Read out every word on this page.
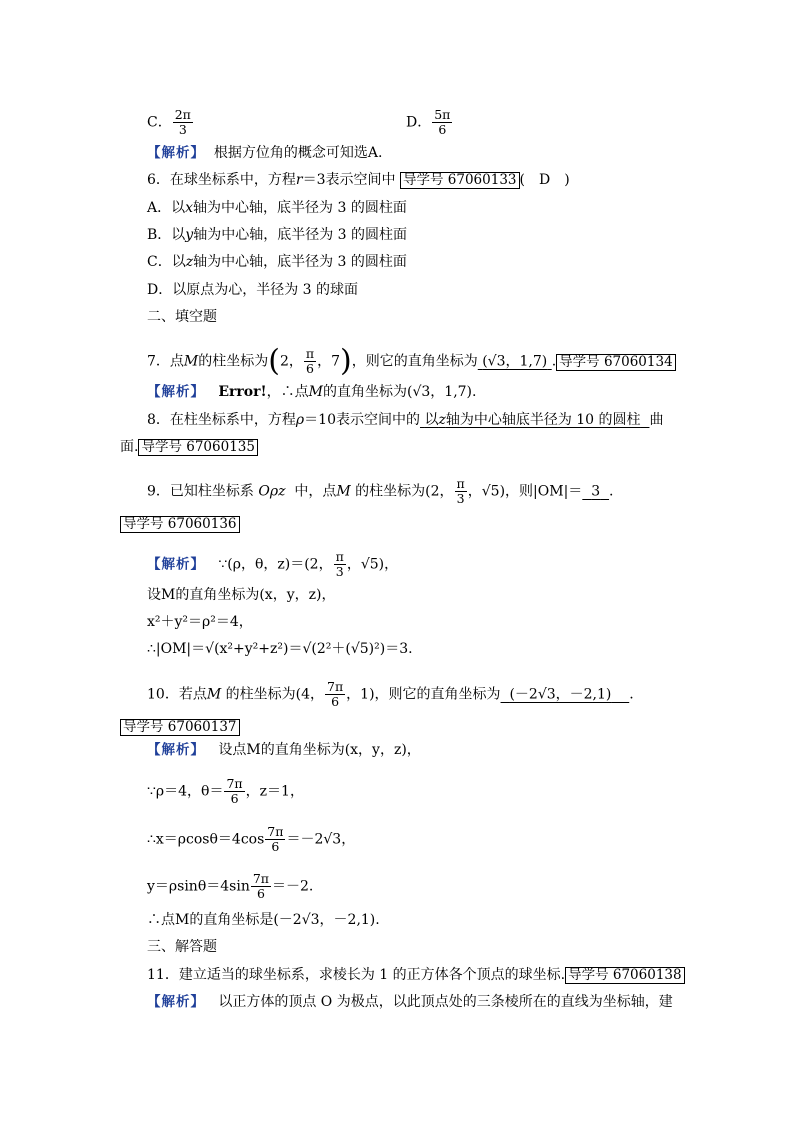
C． $\frac{2\pi}{3}$	D． $\frac{5\pi}{6}$
【解析】 根据方位角的概念可知选A.
6．在球坐标系中，方程r＝3表示空间中 导学号 67060133 (　D　)
A．以x轴为中心轴，底半径为 3 的圆柱面
B．以y轴为中心轴，底半径为 3 的圆柱面
C．以z轴为中心轴，底半径为 3 的圆柱面
D．以原点为心，半径为 3 的球面
二、填空题
7．点M的柱坐标为(2， $\frac{\pi}{6}$ ，7)，则它的直角坐标为 (√3，1,7) . 导学号 67060134
【解析】 Error!，∴点M的直角坐标为(√3，1,7).
8．在柱坐标系中，方程ρ＝10表示空间中的 以z轴为中心轴底半径为 10 的圆柱 曲
面. 导学号 67060135
9．已知柱坐标系 Oρz 中，点M 的柱坐标为(2， $\frac{\pi}{3}$ ，√5)，则|OM|＝ 3 .
导学号 67060136
【解析】 ∵(ρ，θ，z)＝(2， $\frac{\pi}{3}$ ，√5)，
设M的直角坐标为(x，y，z)，
x²＋y²＝ρ²＝4，
∴|OM|＝√(x²+y²+z²)＝√(2²＋(√5)²)＝3.
10．若点M 的柱坐标为(4， $\frac{7\pi}{6}$ ，1)，则它的直角坐标为 (－2√3，－2,1) .
导学号 67060137
【解析】 设点M的直角坐标为(x，y，z)，
∵ρ＝4，$\theta= \frac{7\pi}{6}$ ，z＝1，
∴x＝ρcosθ＝4cos $\frac{7\pi}{6} =-2√3$，
$y=\rho\sin\theta=4\sin \frac{7\pi}{6} =-2$.
∴点M的直角坐标是(－2√3，－2,1).
三、解答题
11．建立适当的球坐标系，求棱长为 1 的正方体各个顶点的球坐标. 导学号 67060138
【解析】 以正方体的顶点 O 为极点，以此顶点处的三条棱所在的直线为坐标轴，建
